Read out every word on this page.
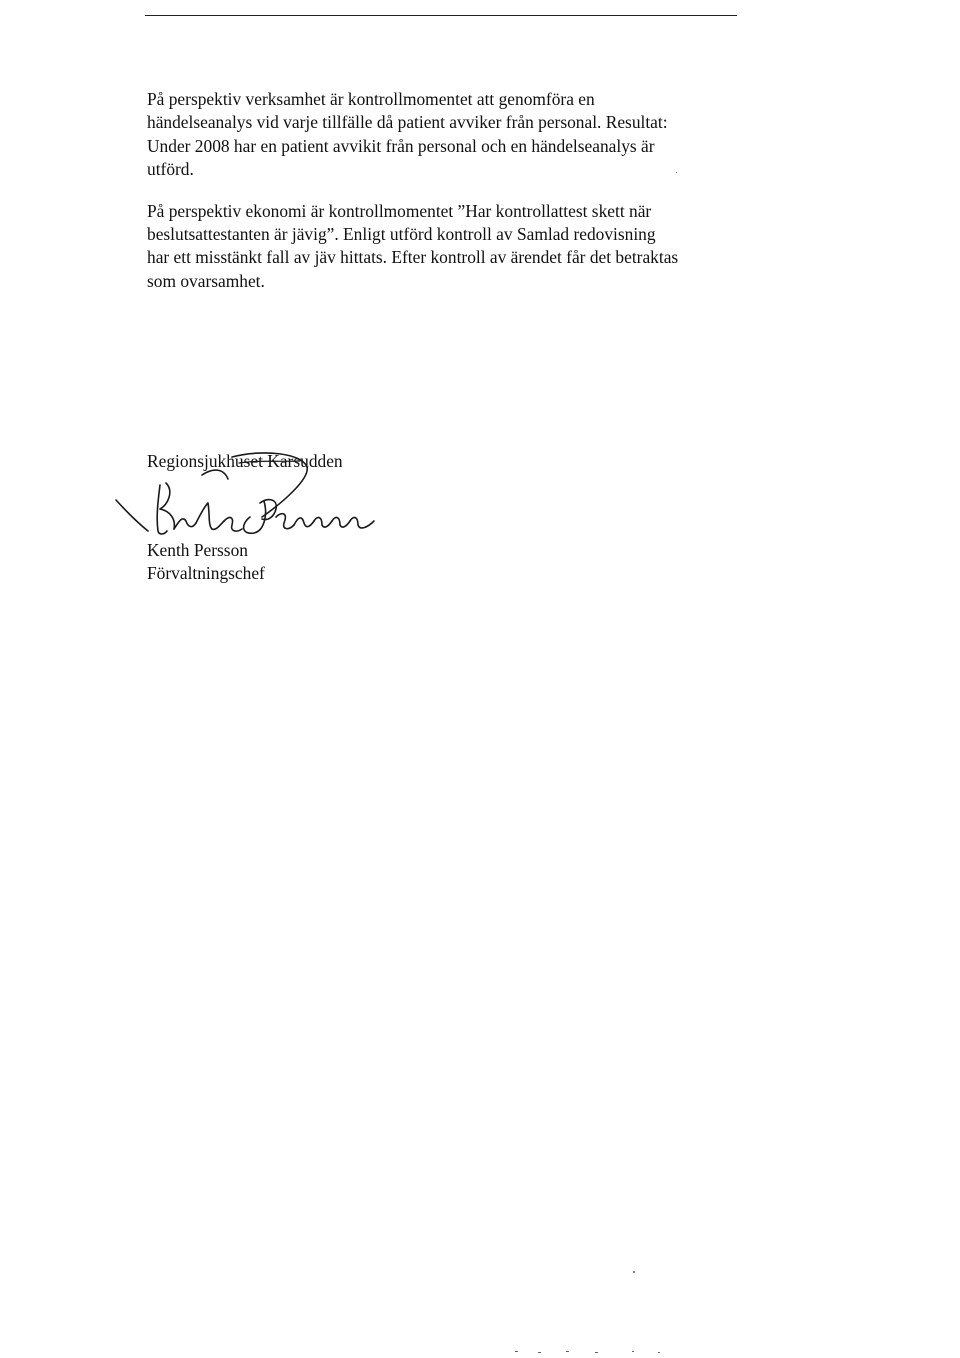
På perspektiv verksamhet är kontrollmomentet att genomföra en
händelseanalys vid varje tillfälle då patient avviker från personal. Resultat:
Under 2008 har en patient avvikit från personal och en händelseanalys är
utförd.

På perspektiv ekonomi är kontrollmomentet ”Har kontrollattest skett när
beslutsattestanten är jävig”. Enligt utförd kontroll av Samlad redovisning
har ett misstänkt fall av jäv hittats. Efter kontroll av ärendet får det betraktas
som ovarsamhet.

Regionsjukhuset Karsudden
Kenth Persson
Förvaltningschef
